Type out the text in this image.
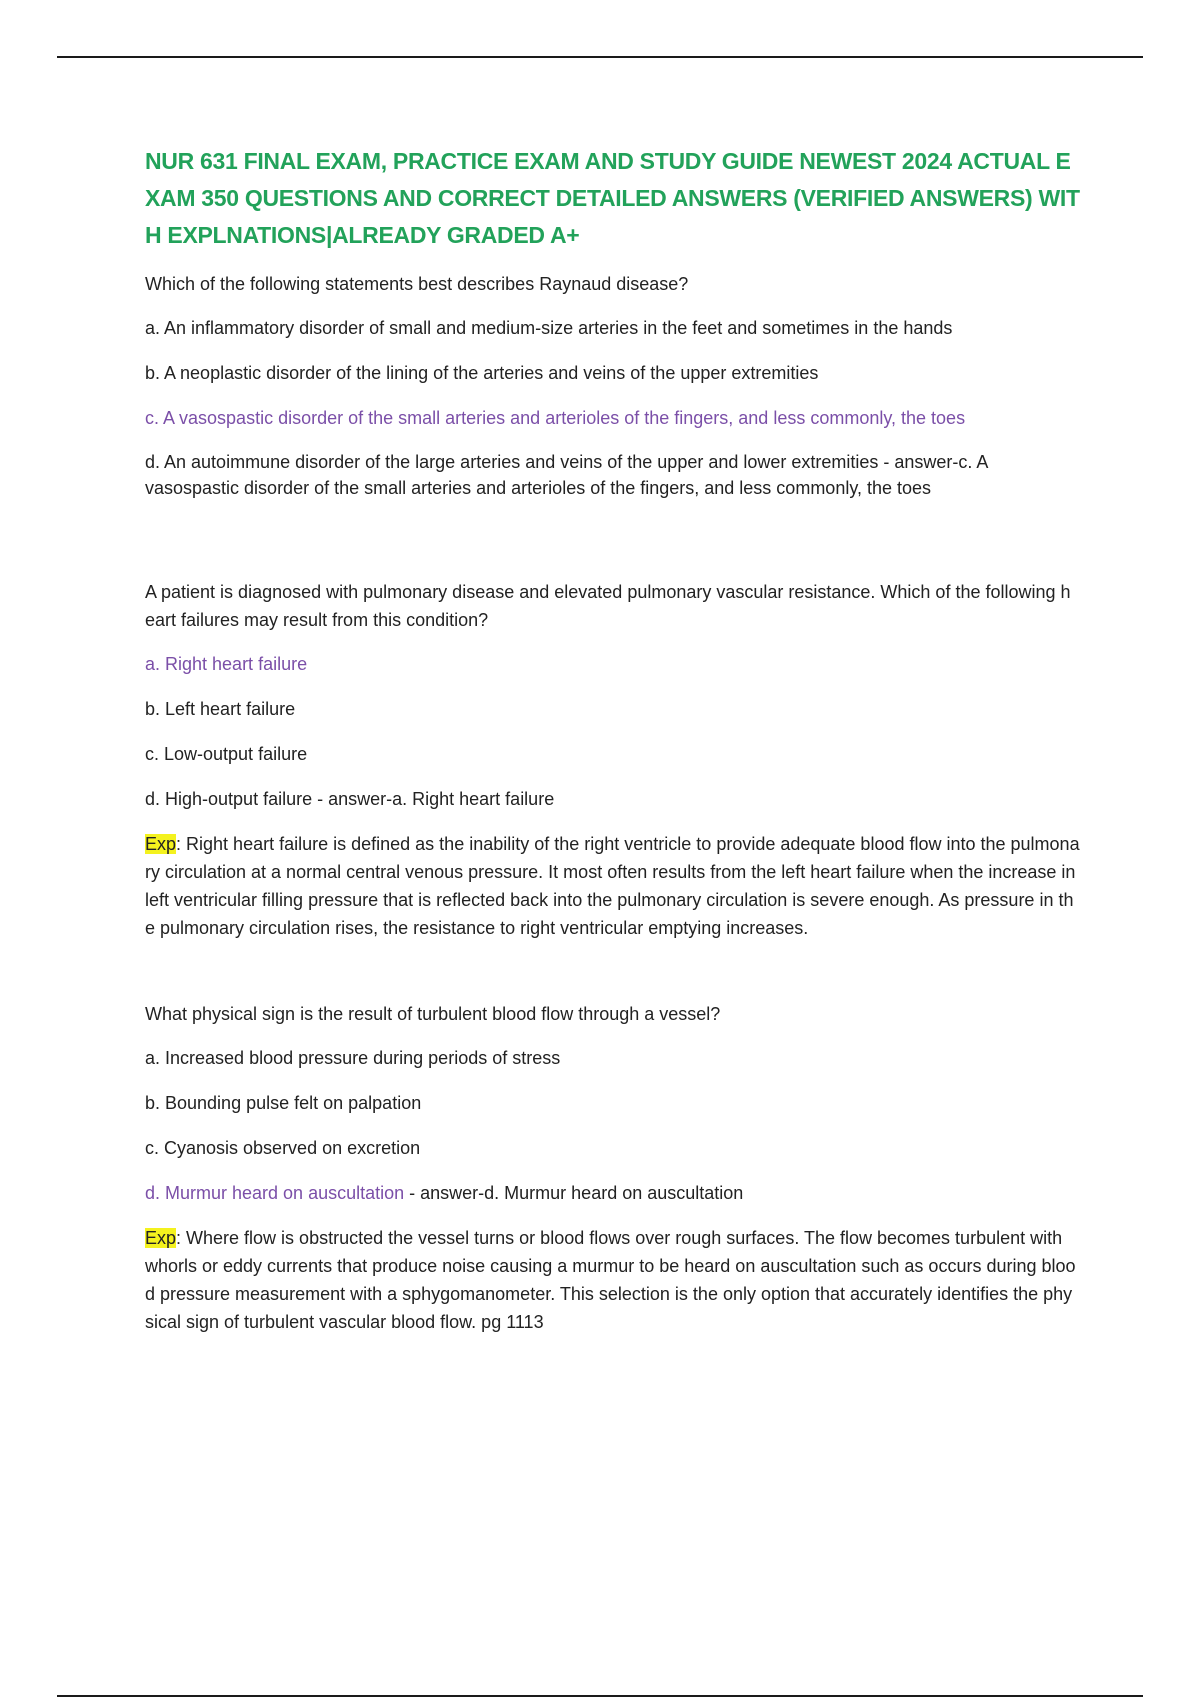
NUR 631 FINAL EXAM, PRACTICE EXAM AND STUDY GUIDE NEWEST 2024 ACTUAL EXAM 350 QUESTIONS AND CORRECT DETAILED ANSWERS (VERIFIED ANSWERS) WITH EXPLNATIONS|ALREADY GRADED A+

Which of the following statements best describes Raynaud disease?

a. An inflammatory disorder of small and medium-size arteries in the feet and sometimes in the hands

b. A neoplastic disorder of the lining of the arteries and veins of the upper extremities

c. A vasospastic disorder of the small arteries and arterioles of the fingers, and less commonly, the toes

d. An autoimmune disorder of the large arteries and veins of the upper and lower extremities - answer-c. A vasospastic disorder of the small arteries and arterioles of the fingers, and less commonly, the toes

A patient is diagnosed with pulmonary disease and elevated pulmonary vascular resistance. Which of the following heart failures may result from this condition?

a. Right heart failure

b. Left heart failure

c. Low-output failure

d. High-output failure - answer-a. Right heart failure

Exp: Right heart failure is defined as the inability of the right ventricle to provide adequate blood flow into the pulmonary circulation at a normal central venous pressure. It most often results from the left heart failure when the increase in left ventricular filling pressure that is reflected back into the pulmonary circulation is severe enough. As pressure in the pulmonary circulation rises, the resistance to right ventricular emptying increases.

What physical sign is the result of turbulent blood flow through a vessel?

a. Increased blood pressure during periods of stress

b. Bounding pulse felt on palpation

c. Cyanosis observed on excretion

d. Murmur heard on auscultation - answer-d. Murmur heard on auscultation

Exp: Where flow is obstructed the vessel turns or blood flows over rough surfaces. The flow becomes turbulent with whorls or eddy currents that produce noise causing a murmur to be heard on auscultation such as occurs during blood pressure measurement with a sphygomanometer. This selection is the only option that accurately identifies the physical sign of turbulent vascular blood flow. pg 1113
